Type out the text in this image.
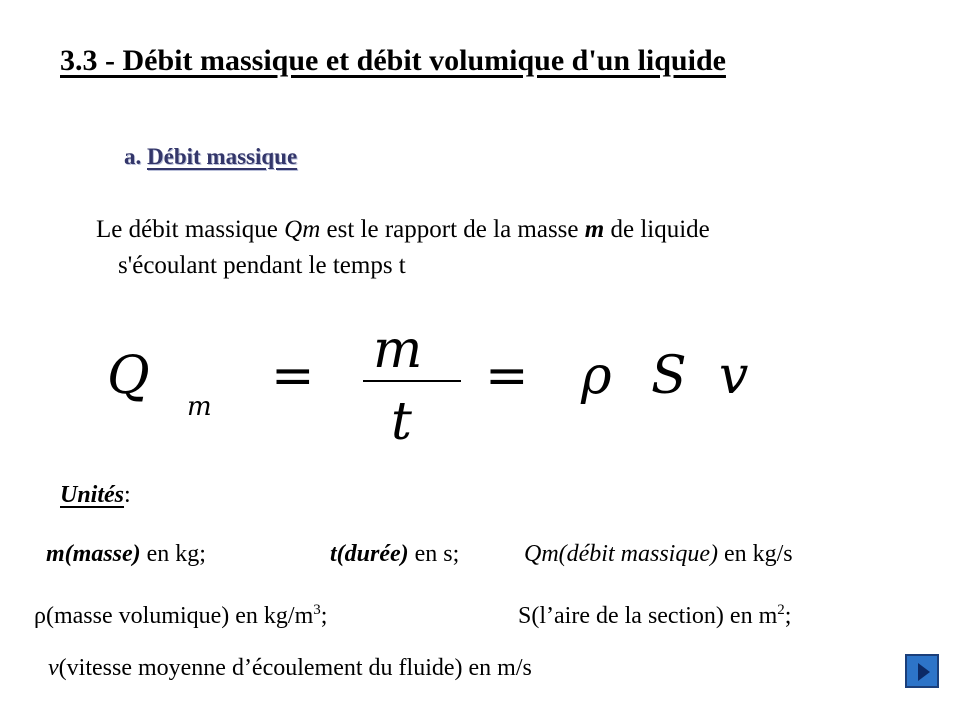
3.3 - Débit massique et débit volumique d'un liquide
a. Débit massique
Le débit massique Qm est le rapport de la masse m de liquide
s'écoulant pendant le temps t
Q
m
= m
t
= ρ S v
Unités:
m(masse) en kg;	t(durée) en s;	Qm(débit massique) en kg/s
ρ(masse volumique) en $kg/m^3$;	S(l’aire de la section) en $m^2$;
v(vitesse moyenne d’écoulement du fluide) en m/s
